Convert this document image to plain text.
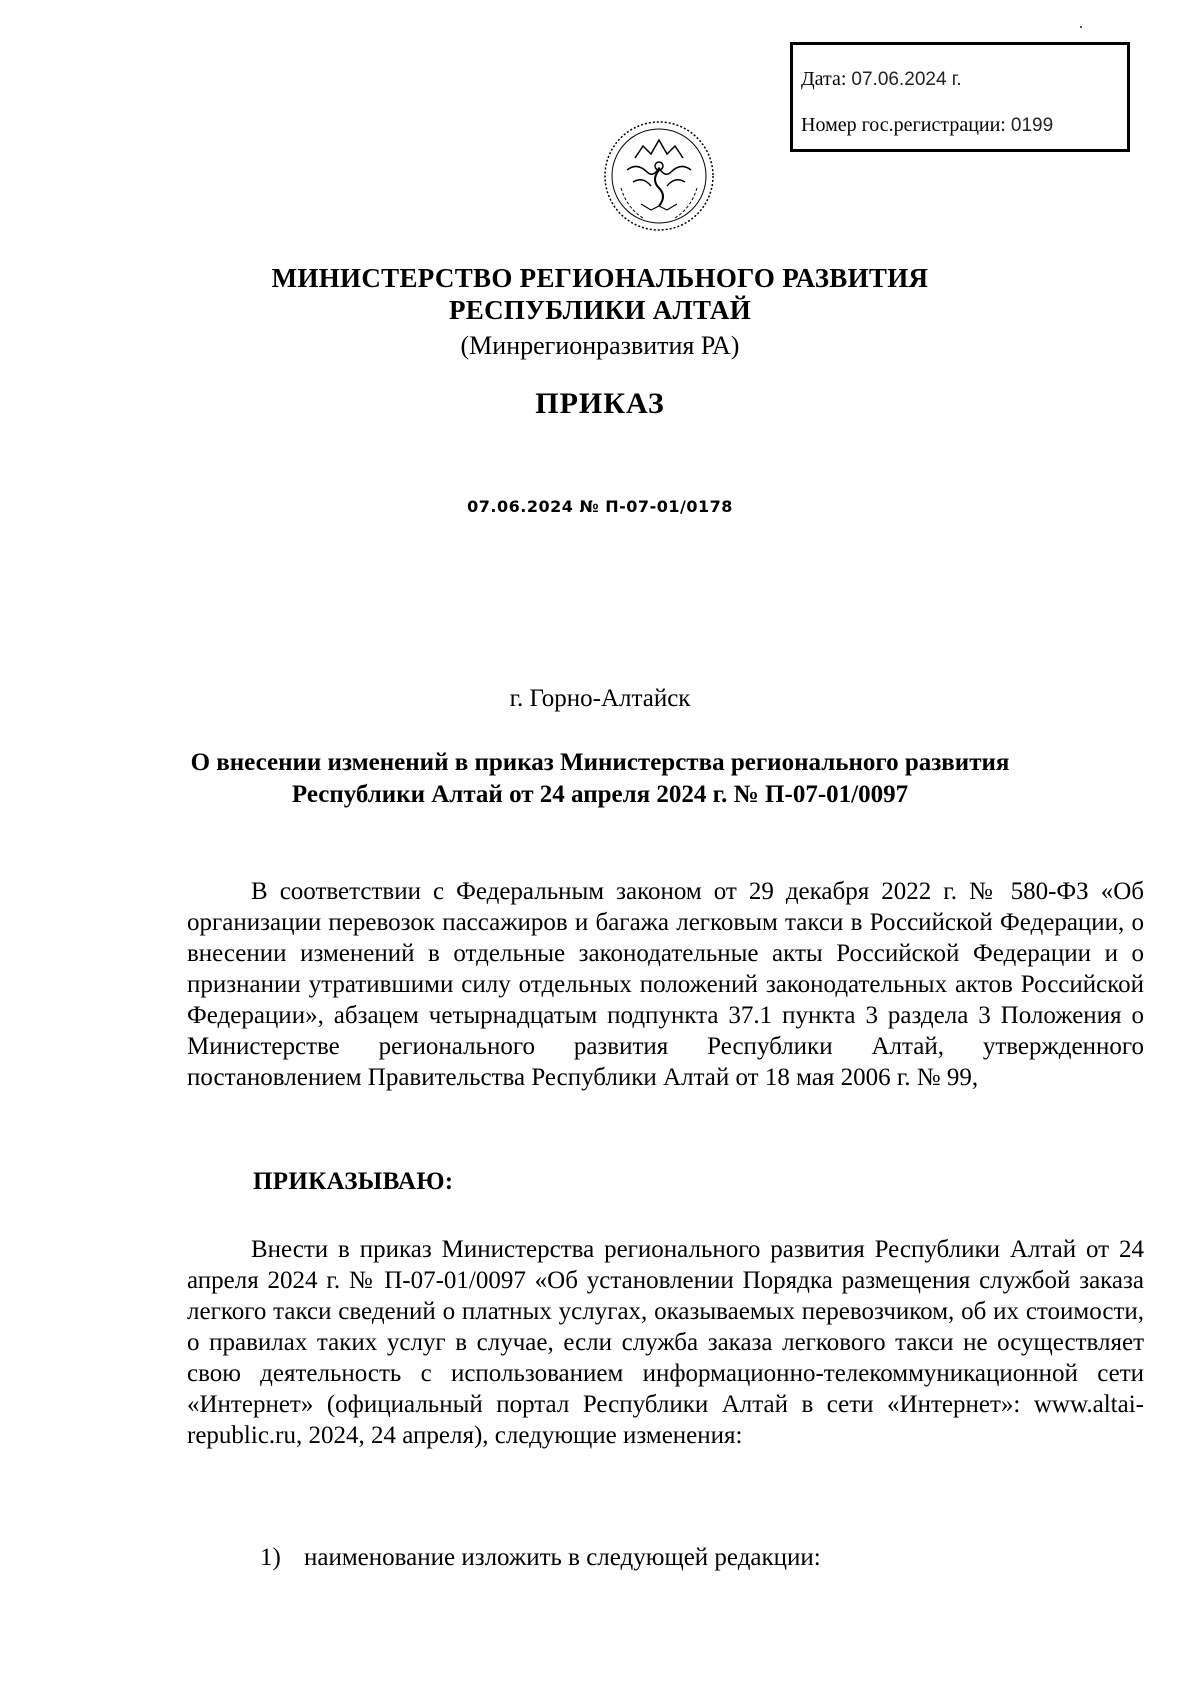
Дата: 07.06.2024 г.
Номер гос.регистрации: 0199
МИНИСТЕРСТВО РЕГИОНАЛЬНОГО РАЗВИТИЯ
РЕСПУБЛИКИ АЛТАЙ
(Минрегионразвития РА)
ПРИКАЗ
07.06.2024 № П-07-01/0178
г. Горно-Алтайск
О внесении изменений в приказ Министерства регионального развития
Республики Алтай от 24 апреля 2024 г. № П-07-01/0097
В соответствии с Федеральным законом от 29 декабря 2022 г. № 580-ФЗ «Об организации перевозок пассажиров и багажа легковым такси в Российской Федерации, о внесении изменений в отдельные законодательные акты Российской Федерации и о признании утратившими силу отдельных положений законодательных актов Российской Федерации», абзацем четырнадцатым подпункта 37.1 пункта 3 раздела 3 Положения о Министерстве регионального развития Республики Алтай, утвержденного постановлением Правительства Республики Алтай от 18 мая 2006 г. № 99,
ПРИКАЗЫВАЮ:
Внести в приказ Министерства регионального развития Республики Алтай от 24 апреля 2024 г. № П-07-01/0097 «Об установлении Порядка размещения службой заказа легкого такси сведений о платных услугах, оказываемых перевозчиком, об их стоимости, о правилах таких услуг в случае, если служба заказа легкового такси не осуществляет свою деятельность с использованием информационно-телекоммуникационной сети «Интернет» (официальный портал Республики Алтай в сети «Интернет»: www.altai-republic.ru, 2024, 24 апреля), следующие изменения:
1) наименование изложить в следующей редакции:
